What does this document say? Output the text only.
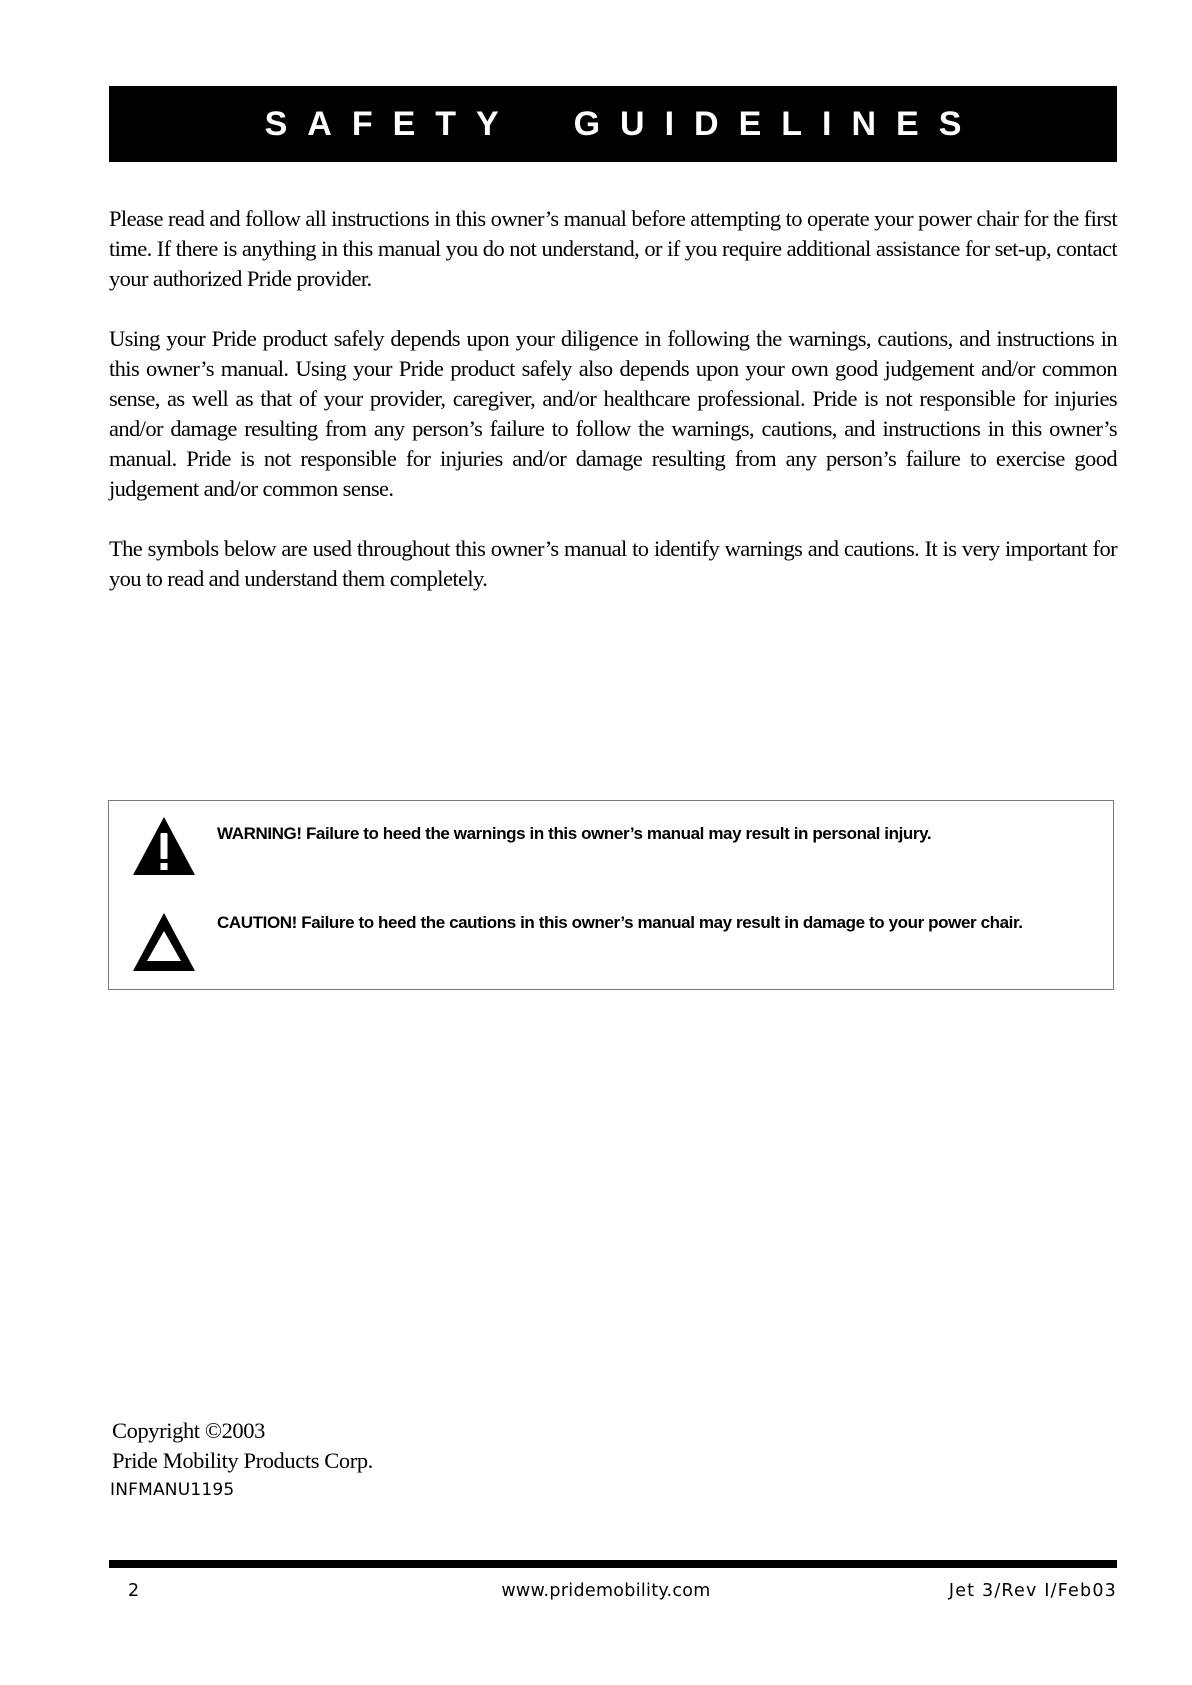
SAFETY GUIDELINES

Please read and follow all instructions in this owner’s manual before attempting to operate your power chair for the first time. If there is anything in this manual you do not understand, or if you require additional assistance for set-up, contact your authorized Pride provider.

Using your Pride product safely depends upon your diligence in following the warnings, cautions, and instructions in this owner’s manual. Using your Pride product safely also depends upon your own good judgement and/or common sense, as well as that of your provider, caregiver, and/or healthcare professional. Pride is not responsible for injuries and/or damage resulting from any person’s failure to follow the warnings, cautions, and instructions in this owner’s manual. Pride is not responsible for injuries and/or damage resulting from any person’s failure to exercise good judgement and/or common sense.

The symbols below are used throughout this owner’s manual to identify warnings and cautions. It is very important for you to read and understand them completely.

WARNING! Failure to heed the warnings in this owner’s manual may result in personal injury.
CAUTION! Failure to heed the cautions in this owner’s manual may result in damage to your power chair.
Copyright ©2003
Pride Mobility Products Corp.
INFMANU1195
2	www.pridemobility.com	Jet 3/Rev I/Feb03
